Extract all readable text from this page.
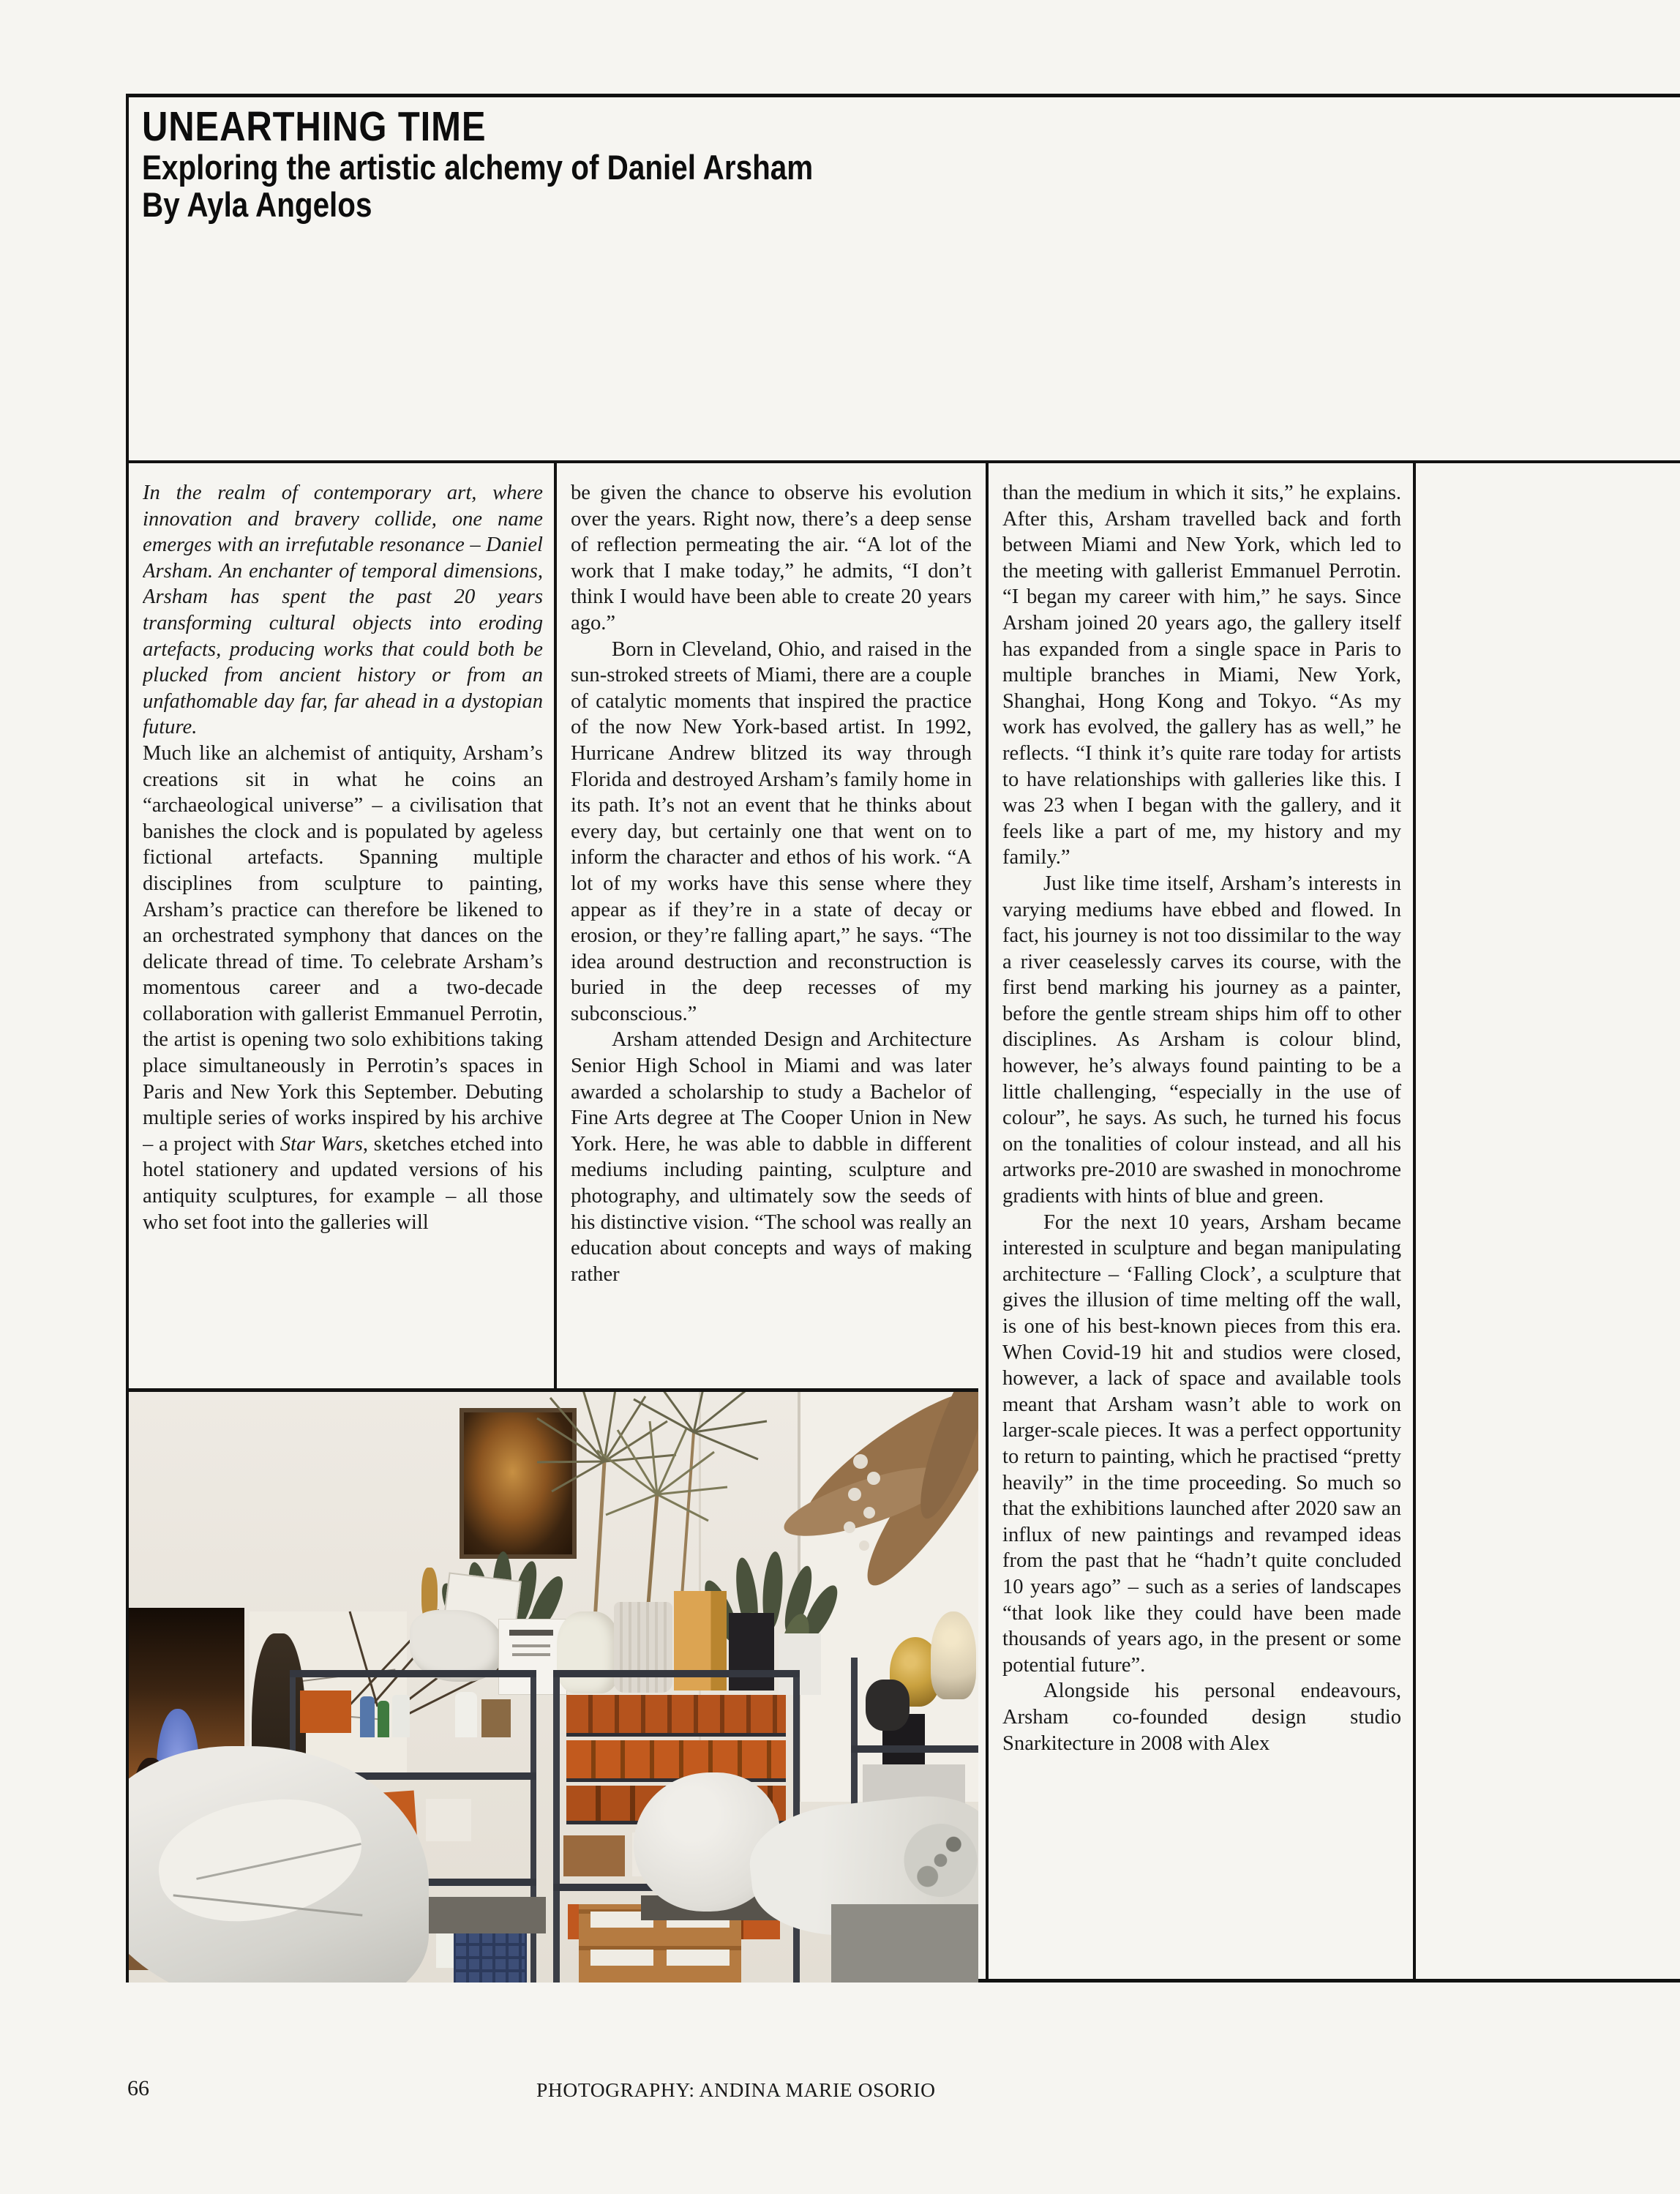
UNEARTHING TIME
Exploring the artistic alchemy of Daniel Arsham
By Ayla Angelos

In the realm of contemporary art, where innovation and bravery collide, one name emerges with an irrefutable resonance – Daniel Arsham. An enchanter of temporal dimensions, Arsham has spent the past 20 years transforming cultural objects into eroding artefacts, producing works that could both be plucked from ancient history or from an unfathomable day far, far ahead in a dystopian future.

Much like an alchemist of antiquity, Arsham’s creations sit in what he coins an “archaeological universe” – a civilisation that banishes the clock and is populated by ageless fictional artefacts. Spanning multiple disciplines from sculpture to painting, Arsham’s practice can therefore be likened to an orchestrated symphony that dances on the delicate thread of time. To celebrate Arsham’s momentous career and a two-decade collaboration with gallerist Emmanuel Perrotin, the artist is opening two solo exhibitions taking place simultaneously in Perrotin’s spaces in Paris and New York this September. Debuting multiple series of works inspired by his archive – a project with Star Wars, sketches etched into hotel stationery and updated versions of his antiquity sculptures, for example – all those who set foot into the galleries will

be given the chance to observe his evolution over the years. Right now, there’s a deep sense of reflection permeating the air. “A lot of the work that I make today,” he admits, “I don’t think I would have been able to create 20 years ago.”

Born in Cleveland, Ohio, and raised in the sun-stroked streets of Miami, there are a couple of catalytic moments that inspired the practice of the now New York-based artist. In 1992, Hurricane Andrew blitzed its way through Florida and destroyed Arsham’s family home in its path. It’s not an event that he thinks about every day, but certainly one that went on to inform the character and ethos of his work. “A lot of my works have this sense where they appear as if they’re in a state of decay or erosion, or they’re falling apart,” he says. “The idea around destruction and reconstruction is buried in the deep recesses of my subconscious.”

Arsham attended Design and Architecture Senior High School in Miami and was later awarded a scholarship to study a Bachelor of Fine Arts degree at The Cooper Union in New York. Here, he was able to dabble in different mediums including painting, sculpture and photography, and ultimately sow the seeds of his distinctive vision. “The school was really an education about concepts and ways of making rather

than the medium in which it sits,” he explains. After this, Arsham travelled back and forth between Miami and New York, which led to the meeting with gallerist Emmanuel Perrotin. “I began my career with him,” he says. Since Arsham joined 20 years ago, the gallery itself has expanded from a single space in Paris to multiple branches in Miami, New York, Shanghai, Hong Kong and Tokyo. “As my work has evolved, the gallery has as well,” he reflects. “I think it’s quite rare today for artists to have relationships with galleries like this. I was 23 when I began with the gallery, and it feels like a part of me, my history and my family.”

Just like time itself, Arsham’s interests in varying mediums have ebbed and flowed. In fact, his journey is not too dissimilar to the way a river ceaselessly carves its course, with the first bend marking his journey as a painter, before the gentle stream ships him off to other disciplines. As Arsham is colour blind, however, he’s always found painting to be a little challenging, “especially in the use of colour”, he says. As such, he turned his focus on the tonalities of colour instead, and all his artworks pre-2010 are swashed in monochrome gradients with hints of blue and green.

For the next 10 years, Arsham became interested in sculpture and began manipulating architecture – ‘Falling Clock’, a sculpture that gives the illusion of time melting off the wall, is one of his best-known pieces from this era. When Covid-19 hit and studios were closed, however, a lack of space and available tools meant that Arsham wasn’t able to work on larger-scale pieces. It was a perfect opportunity to return to painting, which he practised “pretty heavily” in the time proceeding. So much so that the exhibitions launched after 2020 saw an influx of new paintings and revamped ideas from the past that he “hadn’t quite concluded 10 years ago” – such as a series of landscapes “that look like they could have been made thousands of years ago, in the present or some potential future”.

Alongside his personal endeavours, Arsham co-founded design studio Snarkitecture in 2008 with Alex

66	PHOTOGRAPHY: ANDINA MARIE OSORIO
